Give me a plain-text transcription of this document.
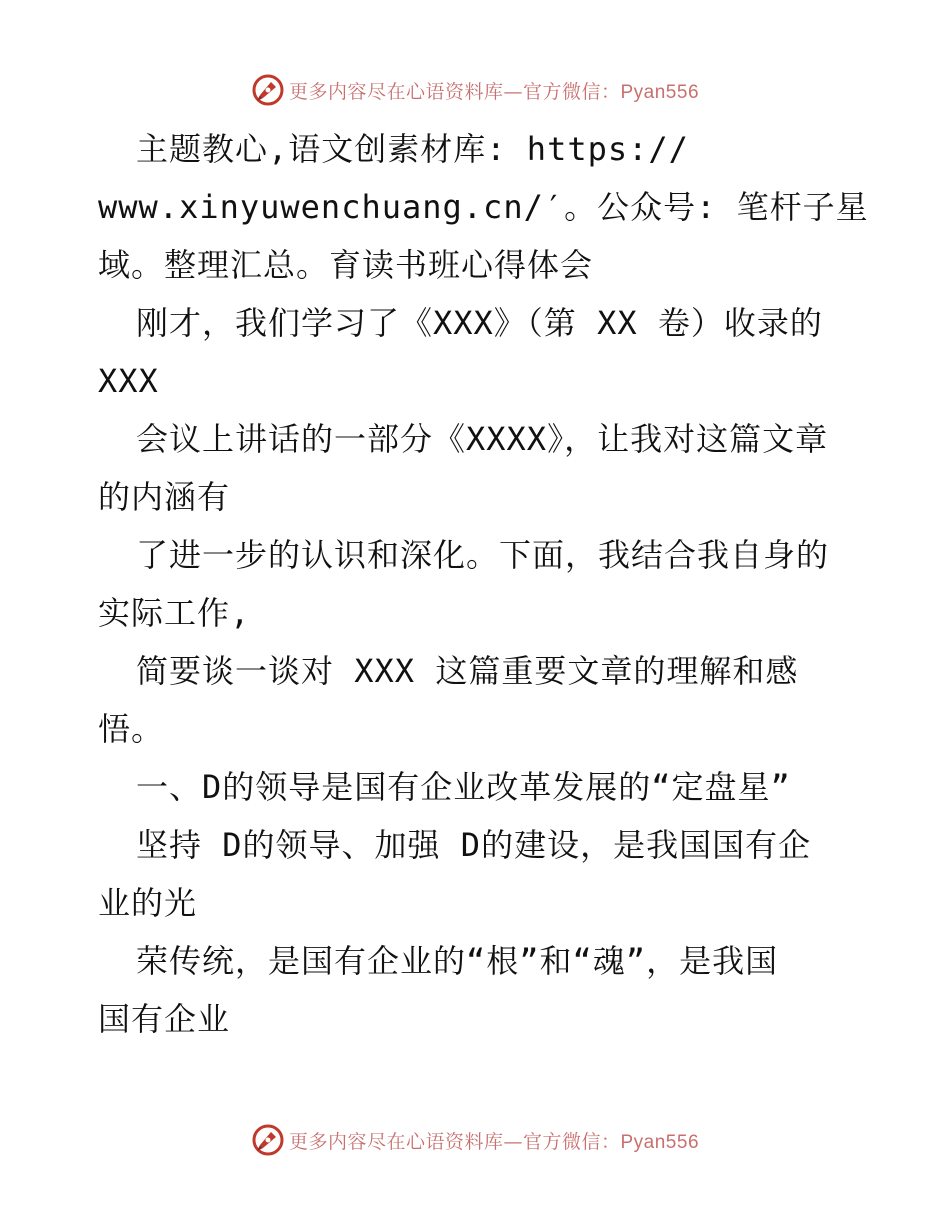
更多内容尽在心语资料库—官方微信：Pyan556
主题教心,语文创素材库: https://
www.xinyuwenchuang.cn/′。公众号: 笔杆子星
域。整理汇总。育读书班心得体会
刚才，我们学习了《XXX》（第 XX 卷）收录的
XXX
会议上讲话的一部分《XXXX》，让我对这篇文章
的内涵有
了进一步的认识和深化。下面，我结合我自身的
实际工作,
简要谈一谈对 XXX 这篇重要文章的理解和感
悟。
一、D的领导是国有企业改革发展的“定盘星”
坚持 D的领导、加强 D的建设，是我国国有企
业的光
荣传统，是国有企业的“根”和“魂”，是我国
国有企业
更多内容尽在心语资料库—官方微信：Pyan556
